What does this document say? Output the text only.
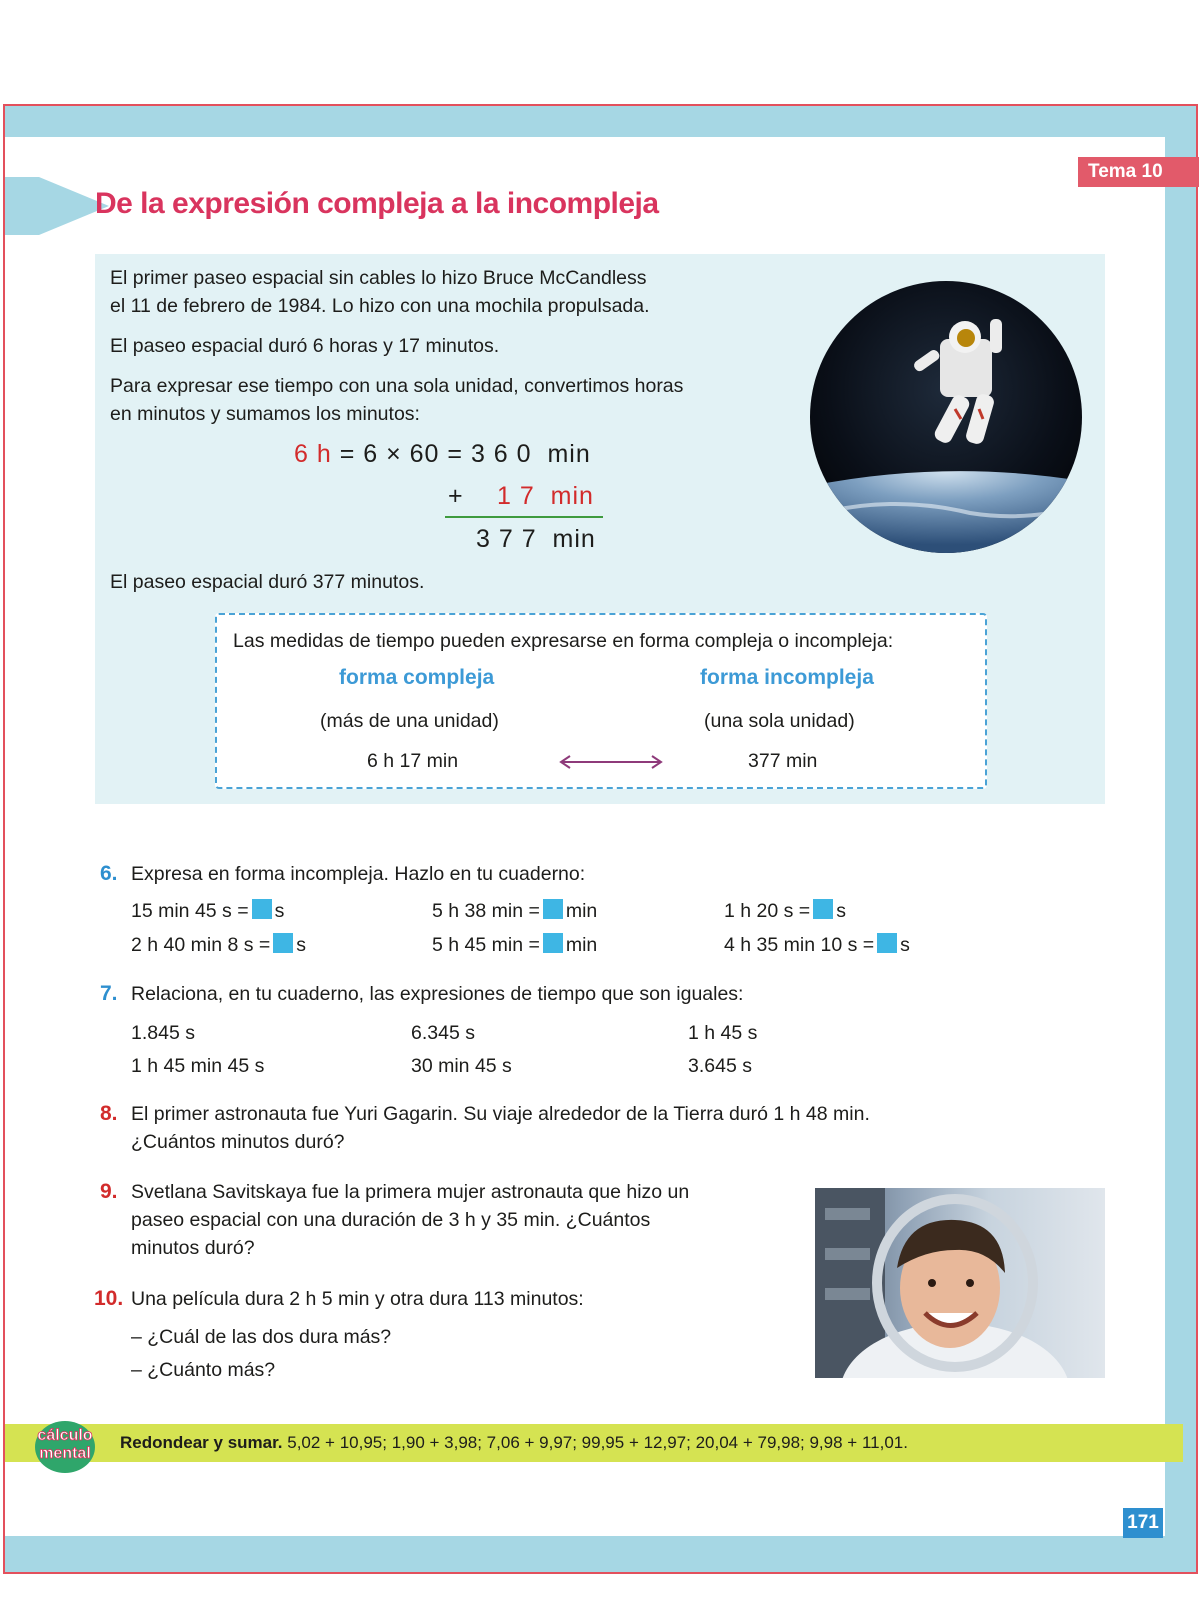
Tema 10
De la expresión compleja a la incompleja
El primer paseo espacial sin cables lo hizo Bruce McCandless
el 11 de febrero de 1984. Lo hizo con una mochila propulsada.
El paseo espacial duró 6 horas y 17 minutos.
Para expresar ese tiempo con una sola unidad, convertimos horas
en minutos y sumamos los minutos:
6 h = 6 × 60 = 3 6 0  min
+ 1 7  min
3 7 7  min
El paseo espacial duró 377 minutos.
Las medidas de tiempo pueden expresarse en forma compleja o incompleja:
forma compleja
(más de una unidad)
6 h 17 min
forma incompleja
(una sola unidad)
377 min
6. Expresa en forma incompleja. Hazlo en tu cuaderno:
15 min 45 s = s	5 h 38 min = min	1 h 20 s = s
2 h 40 min 8 s = s	5 h 45 min = min	4 h 35 min 10 s = s
7. Relaciona, en tu cuaderno, las expresiones de tiempo que son iguales:
1.845 s	6.345 s	1 h 45 s
1 h 45 min 45 s	30 min 45 s	3.645 s
8. El primer astronauta fue Yuri Gagarin. Su viaje alrededor de la Tierra duró 1 h 48 min.
¿Cuántos minutos duró?
9. Svetlana Savitskaya fue la primera mujer astronauta que hizo un
paseo espacial con una duración de 3 h y 35 min. ¿Cuántos
minutos duró?
10. Una película dura 2 h 5 min y otra dura 113 minutos:
– ¿Cuál de las dos dura más?
– ¿Cuánto más?
cálculo
mental
Redondear y sumar. 5,02 + 10,95; 1,90 + 3,98; 7,06 + 9,97; 99,95 + 12,97; 20,04 + 79,98; 9,98 + 11,01.
171
